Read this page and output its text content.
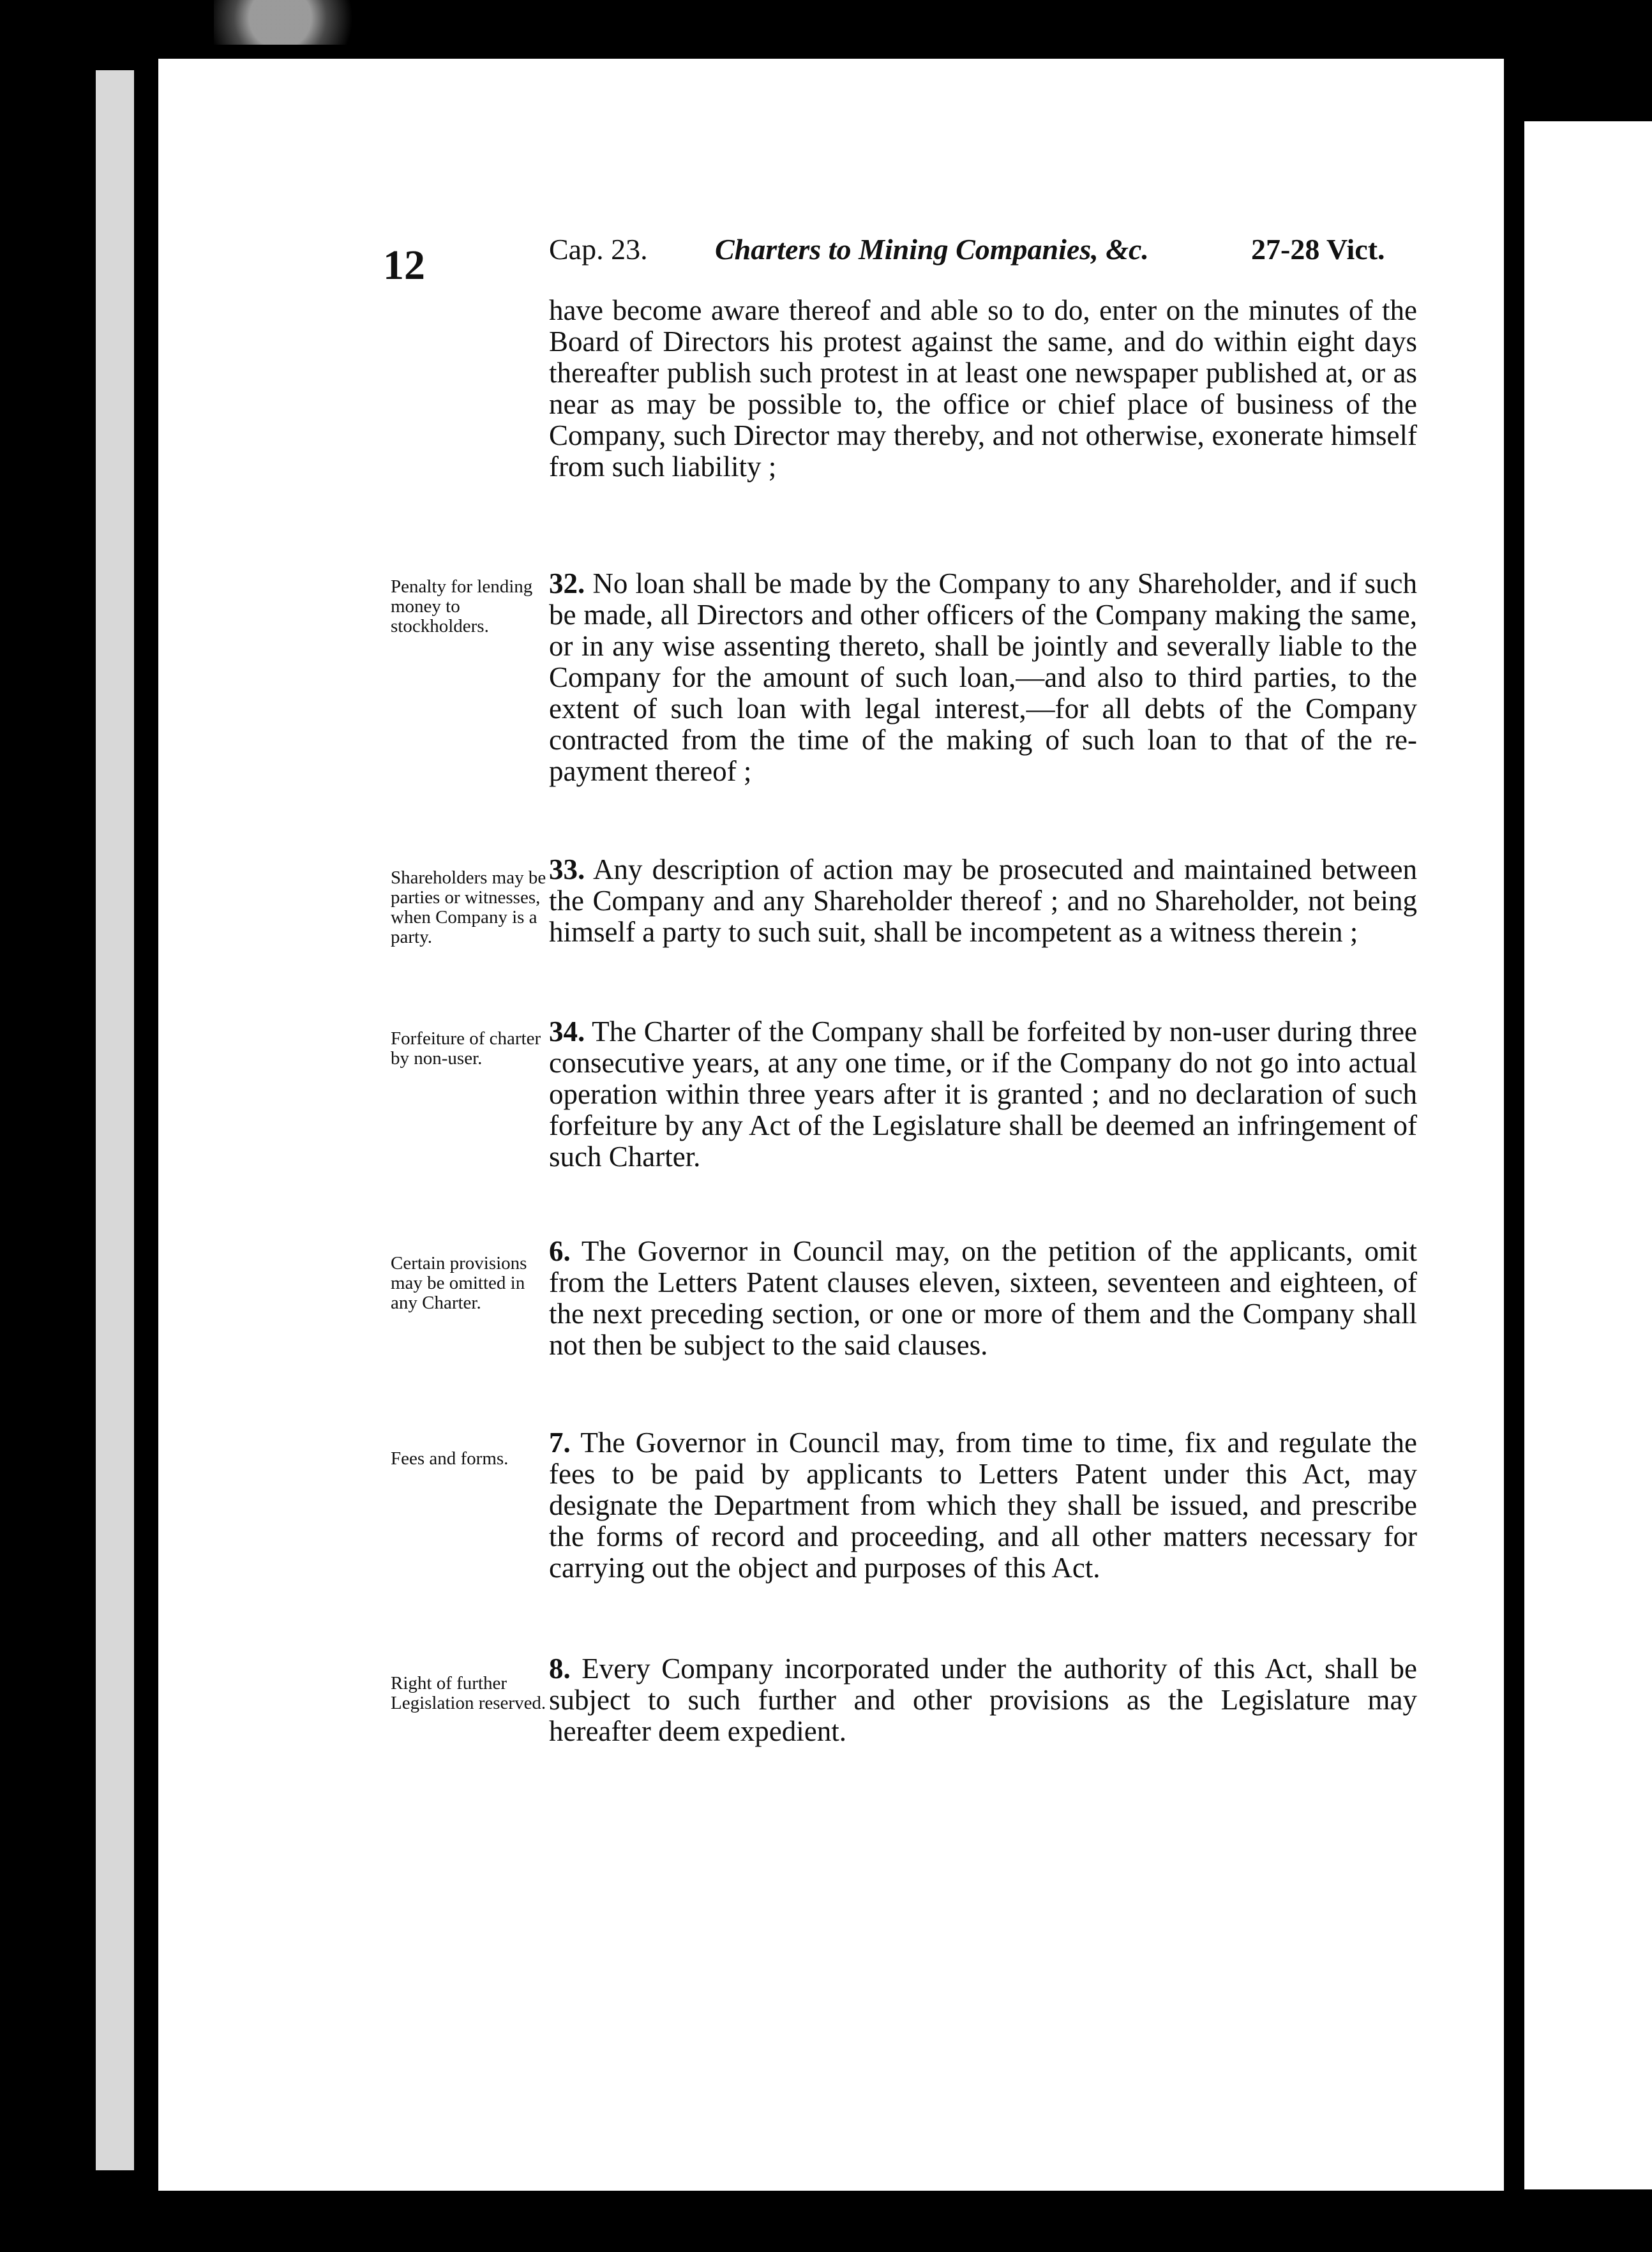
12	Cap. 23. Charters to Mining Companies, &c.	27-28 Vict.
have become aware thereof and able so to do, enter on the minutes of the Board of Directors his protest against the same, and do within eight days thereafter publish such protest in at least one newspaper published at, or as near as may be possible to, the office or chief place of business of the Company, such Director may thereby, and not otherwise, exonerate himself from such liability ;
Penalty for lending money to stockholders.
32. No loan shall be made by the Company to any Shareholder, and if such be made, all Directors and other officers of the Company making the same, or in any wise assenting thereto, shall be jointly and severally liable to the Company for the amount of such loan,—and also to third parties, to the extent of such loan with legal interest,—for all debts of the Company contracted from the time of the making of such loan to that of the re-payment thereof ;
Shareholders may be parties or witnesses, when Company is a party.
33. Any description of action may be prosecuted and maintained between the Company and any Shareholder thereof ; and no Shareholder, not being himself a party to such suit, shall be incompetent as a witness therein ;
Forfeiture of charter by non-user.
34. The Charter of the Company shall be forfeited by non-user during three consecutive years, at any one time, or if the Company do not go into actual operation within three years after it is granted ; and no declaration of such forfeiture by any Act of the Legislature shall be deemed an infringement of such Charter.
Certain provisions may be omitted in any Charter.
6. The Governor in Council may, on the petition of the applicants, omit from the Letters Patent clauses eleven, sixteen, seventeen and eighteen, of the next preceding section, or one or more of them and the Company shall not then be subject to the said clauses.
Fees and forms.	7. The Governor in Council may, from time to time, fix and regulate the fees to be paid by applicants to Letters Patent under this Act, may designate the Department from which they shall be issued, and prescribe the forms of record and proceeding, and all other matters necessary for carrying out the object and purposes of this Act.
Right of further Legislation reserved.
8. Every Company incorporated under the authority of this Act, shall be subject to such further and other provisions as the Legislature may hereafter deem expedient.
